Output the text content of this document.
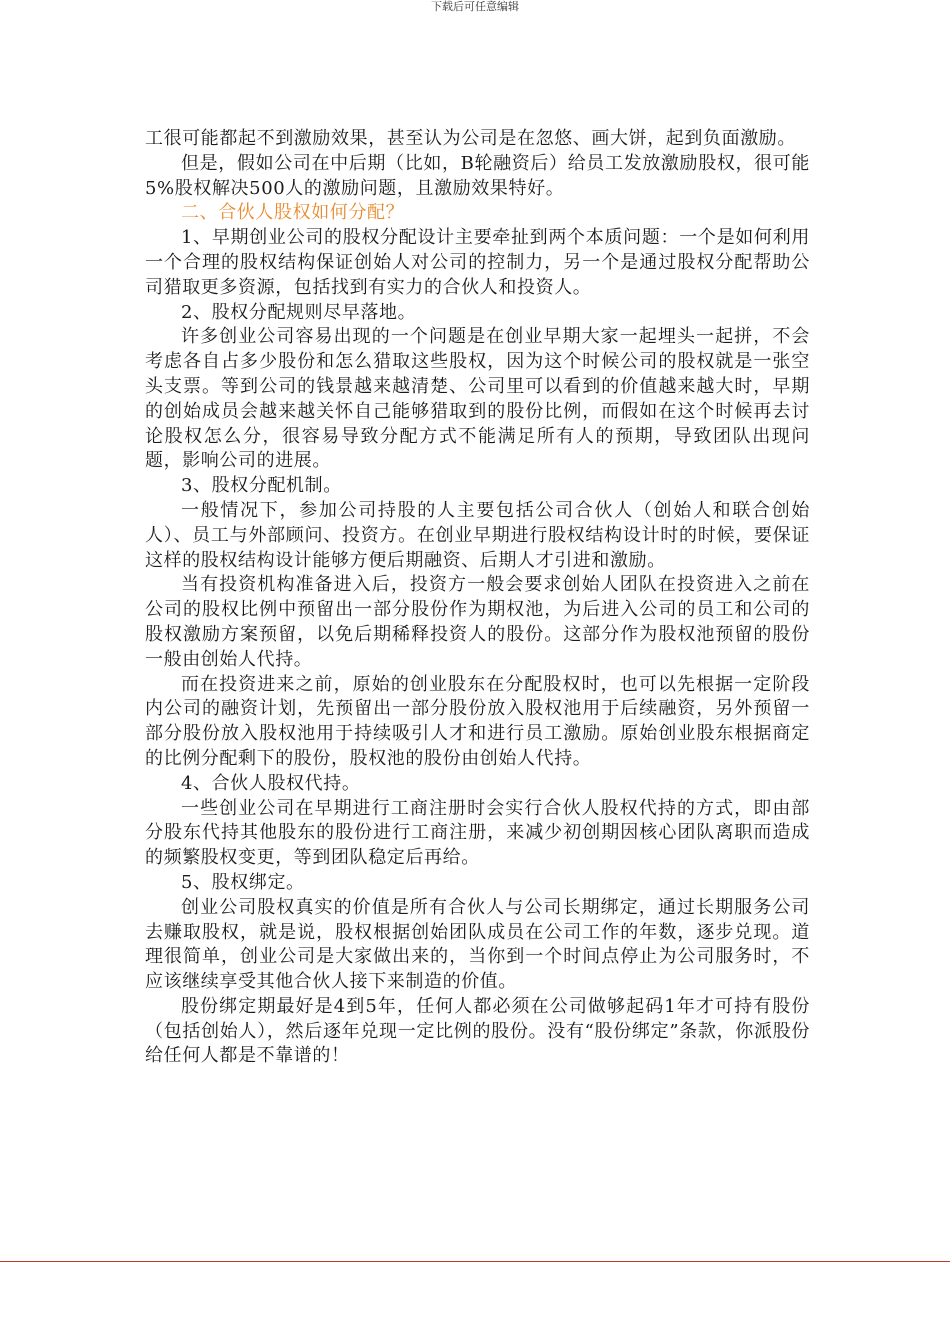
下载后可任意编辑

工很可能都起不到激励效果，甚至认为公司是在忽悠、画大饼，起到负面激励。

但是，假如公司在中后期（比如，B轮融资后）给员工发放激励股权，很可能5%股权解决500人的激励问题，且激励效果特好。

二、合伙人股权如何分配？

1、早期创业公司的股权分配设计主要牵扯到两个本质问题：一个是如何利用一个合理的股权结构保证创始人对公司的控制力，另一个是通过股权分配帮助公司猎取更多资源，包括找到有实力的合伙人和投资人。

2、股权分配规则尽早落地。

许多创业公司容易出现的一个问题是在创业早期大家一起埋头一起拼，不会考虑各自占多少股份和怎么猎取这些股权，因为这个时候公司的股权就是一张空头支票。等到公司的钱景越来越清楚、公司里可以看到的价值越来越大时，早期的创始成员会越来越关怀自己能够猎取到的股份比例，而假如在这个时候再去讨论股权怎么分，很容易导致分配方式不能满足所有人的预期，导致团队出现问题，影响公司的进展。

3、股权分配机制。

一般情况下，参加公司持股的人主要包括公司合伙人（创始人和联合创始人）、员工与外部顾问、投资方。在创业早期进行股权结构设计时的时候，要保证这样的股权结构设计能够方便后期融资、后期人才引进和激励。

当有投资机构准备进入后，投资方一般会要求创始人团队在投资进入之前在公司的股权比例中预留出一部分股份作为期权池，为后进入公司的员工和公司的股权激励方案预留，以免后期稀释投资人的股份。这部分作为股权池预留的股份一般由创始人代持。

而在投资进来之前，原始的创业股东在分配股权时，也可以先根据一定阶段内公司的融资计划，先预留出一部分股份放入股权池用于后续融资，另外预留一部分股份放入股权池用于持续吸引人才和进行员工激励。原始创业股东根据商定的比例分配剩下的股份，股权池的股份由创始人代持。

4、合伙人股权代持。

一些创业公司在早期进行工商注册时会实行合伙人股权代持的方式，即由部分股东代持其他股东的股份进行工商注册，来减少初创期因核心团队离职而造成的频繁股权变更，等到团队稳定后再给。

5、股权绑定。

创业公司股权真实的价值是所有合伙人与公司长期绑定，通过长期服务公司去赚取股权，就是说，股权根据创始团队成员在公司工作的年数，逐步兑现。道理很简单，创业公司是大家做出来的，当你到一个时间点停止为公司服务时，不应该继续享受其他合伙人接下来制造的价值。

股份绑定期最好是4到5年，任何人都必须在公司做够起码1年才可持有股份（包括创始人），然后逐年兑现一定比例的股份。没有“股份绑定”条款，你派股份给任何人都是不靠谱的！
